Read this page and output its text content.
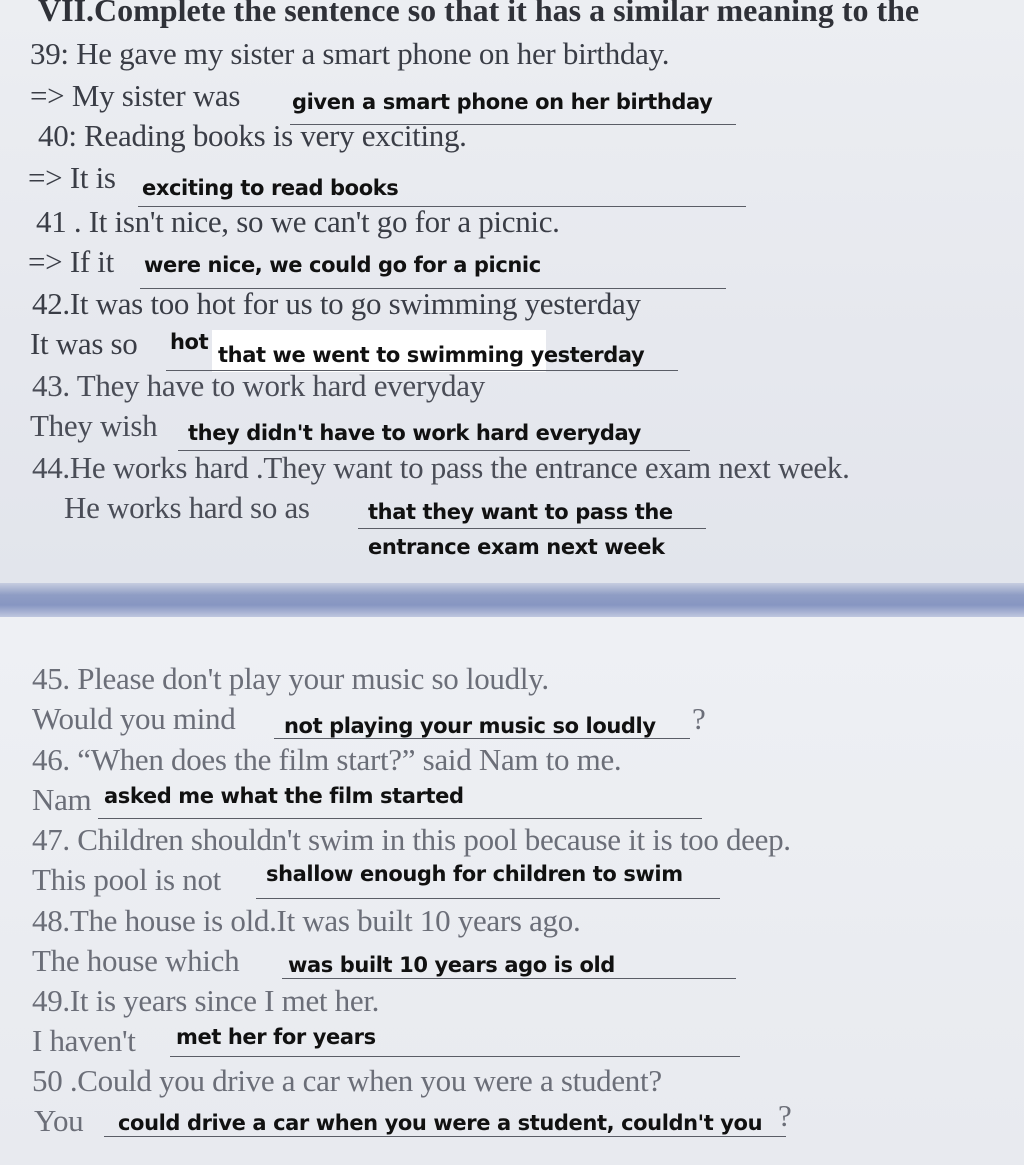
VII.Complete the sentence so that it has a similar meaning to the
39: He gave my sister a smart phone on her birthday.
=> My sister was given a smart phone on her birthday
40: Reading books is very exciting.
=> It is exciting to read books
41 . It isn't nice, so we can't go for a picnic.
=> If it were nice, we could go for a picnic
42.It was too hot for us to go swimming yesterday
It was so hot
that we went to swimming yesterday
43. They have to work hard everyday
They wish they didn't have to work hard everyday
44.He works hard .They want to pass the entrance exam next week.
He works hard so as	that they want to pass the
entrance exam next week
45. Please don't play your music so loudly.
Would you mind not playing your music so loudly ?
46. “When does the film start?” said Nam to me.
Nam asked me what the film started
47. Children shouldn't swim in this pool because it is too deep.
This pool is not shallow enough for children to swim
48.The house is old.It was built 10 years ago.
The house which was built 10 years ago is old
49.It is years since I met her.
I haven't met her for years
50 .Could you drive a car when you were a student?
You could drive a car when you were a student, couldn't you ?
